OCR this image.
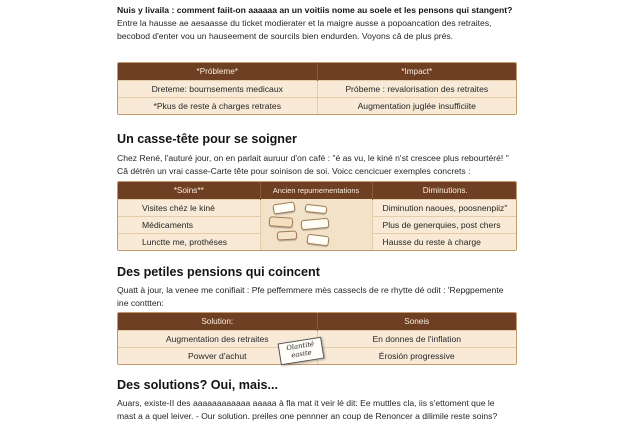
Nuis y livaila : comment faiit-on aaaaaa an un voitiis nome au soele et les pensons qui stangent?

Entre la hausse ae aesaasse du ticket modierater et la maigre ausse a popoancation des retraites,

becobod d'enter vou un hauseement de sourcils bien endurden. Voyons câ de plus prés.

*Próbleme*	*Impact*
Dreteme: bournsements medicaux	Próbeme : revalorisation des retraites
*Pkus de reste à charges retrates	Augmentation juglée insufficiite
Un casse-tête pour se soigner

Chez René, l'auturé jour, on en parlait auruur d'on café : "é as vu, le kiné n'st crescee plus rebourtéré! "

Câ détrén un vrai casse-Carte tête pour soinison de soi. Voicc cencicuer exemples concrets :

*Soins**	Ancien repurnementations	Diminutions.
Visites chéz le kiné		Diminution naoues, poosnenpiiz"
Médicaments		Plus de generquies, post chers
Lunctte me, prothéses		Hausse du reste à charge
Des petiles pensions qui coincent

Quatt à jour, la venee me conifiait : Pfe peffemmere mès cassecls de re rhytte dé odit : 'Repgpemente

ine conttten:

Solution:	Soneis
Augmentation des retraites	En donnes de l'inflation
Powver d'achut	Érosión progressive
Olantité easite
Des solutions? Oui, mais...

Auars, existe-II des aaaaaaaaaaaa aaaaa à fla mat it veir lé dit: Ee muttles cla, iis s'ettoment que le

mast a a quel leiver. - Our solution. preiles one pennner an coup de Renoncer a dilimile reste soins?
